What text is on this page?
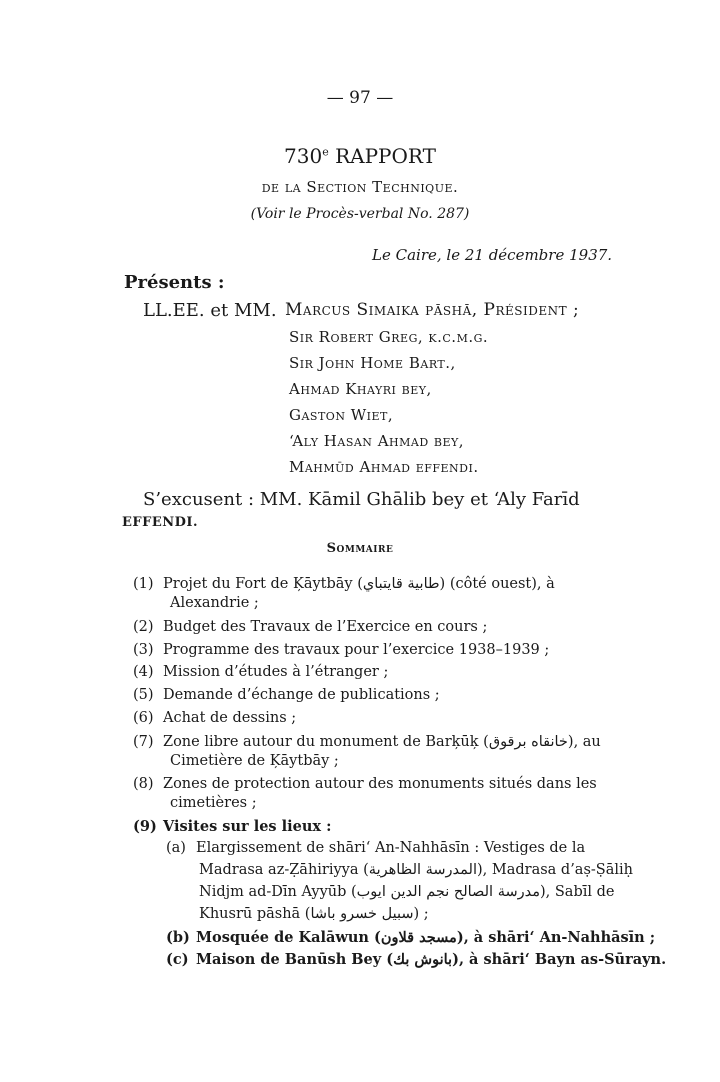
— 97 —
730e RAPPORT
de la Section Technique.
(Voir le Procès-verbal No. 287)
Le Caire, le 21 décembre 1937.
Présents :
LL.EE. et MM. Marcus Simaika pāshā, Président ;
Sir Robert Greg, k.c.m.g.
Sir John Home Bart.,
Ahmad Khayri bey,
Gaston Wiet,
‘Aly Hasan Ahmad bey,
Mahmūd Ahmad effendi.
S’excusent : MM. Kāmil Ghālib bey et ‘Aly Farīd
EFFENDI.
Sommaire
(1) Projet du Fort de Ķāytbāy (طابية قايتباي) (côté ouest), à
Alexandrie ;
(2) Budget des Travaux de l’Exercice en cours ;
(3) Programme des travaux pour l’exercice 1938–1939 ;
(4) Mission d’études à l’étranger ;
(5) Demande d’échange de publications ;
(6) Achat de dessins ;
(7) Zone libre autour du monument de Barķūķ (خانقاه برقوق), au
Cimetière de Ķāytbāy ;
(8) Zones de protection autour des monuments situés dans les
cimetières ;
(9) Visites sur les lieux :
(a) Elargissement de shāri‘ An-Nahhāsīn : Vestiges de la
Madrasa az-Ẓāhiriyya (المدرسة الظاهرية), Madrasa d’aṣ-Ṣāliḥ
Nidjm ad-Dīn Ayyūb (مدرسة الصالح نجم الدين ايوب), Sabīl de
Khusrū pāshā (سبيل خسرو باشا) ;
(b) Mosquée de Kalāwun (مسجد قلاون), à shāri‘ An-Nahhāsīn ;
(c) Maison de Banūsh Bey (بانوش بك), à shāri‘ Bayn as-Sūrayn.
